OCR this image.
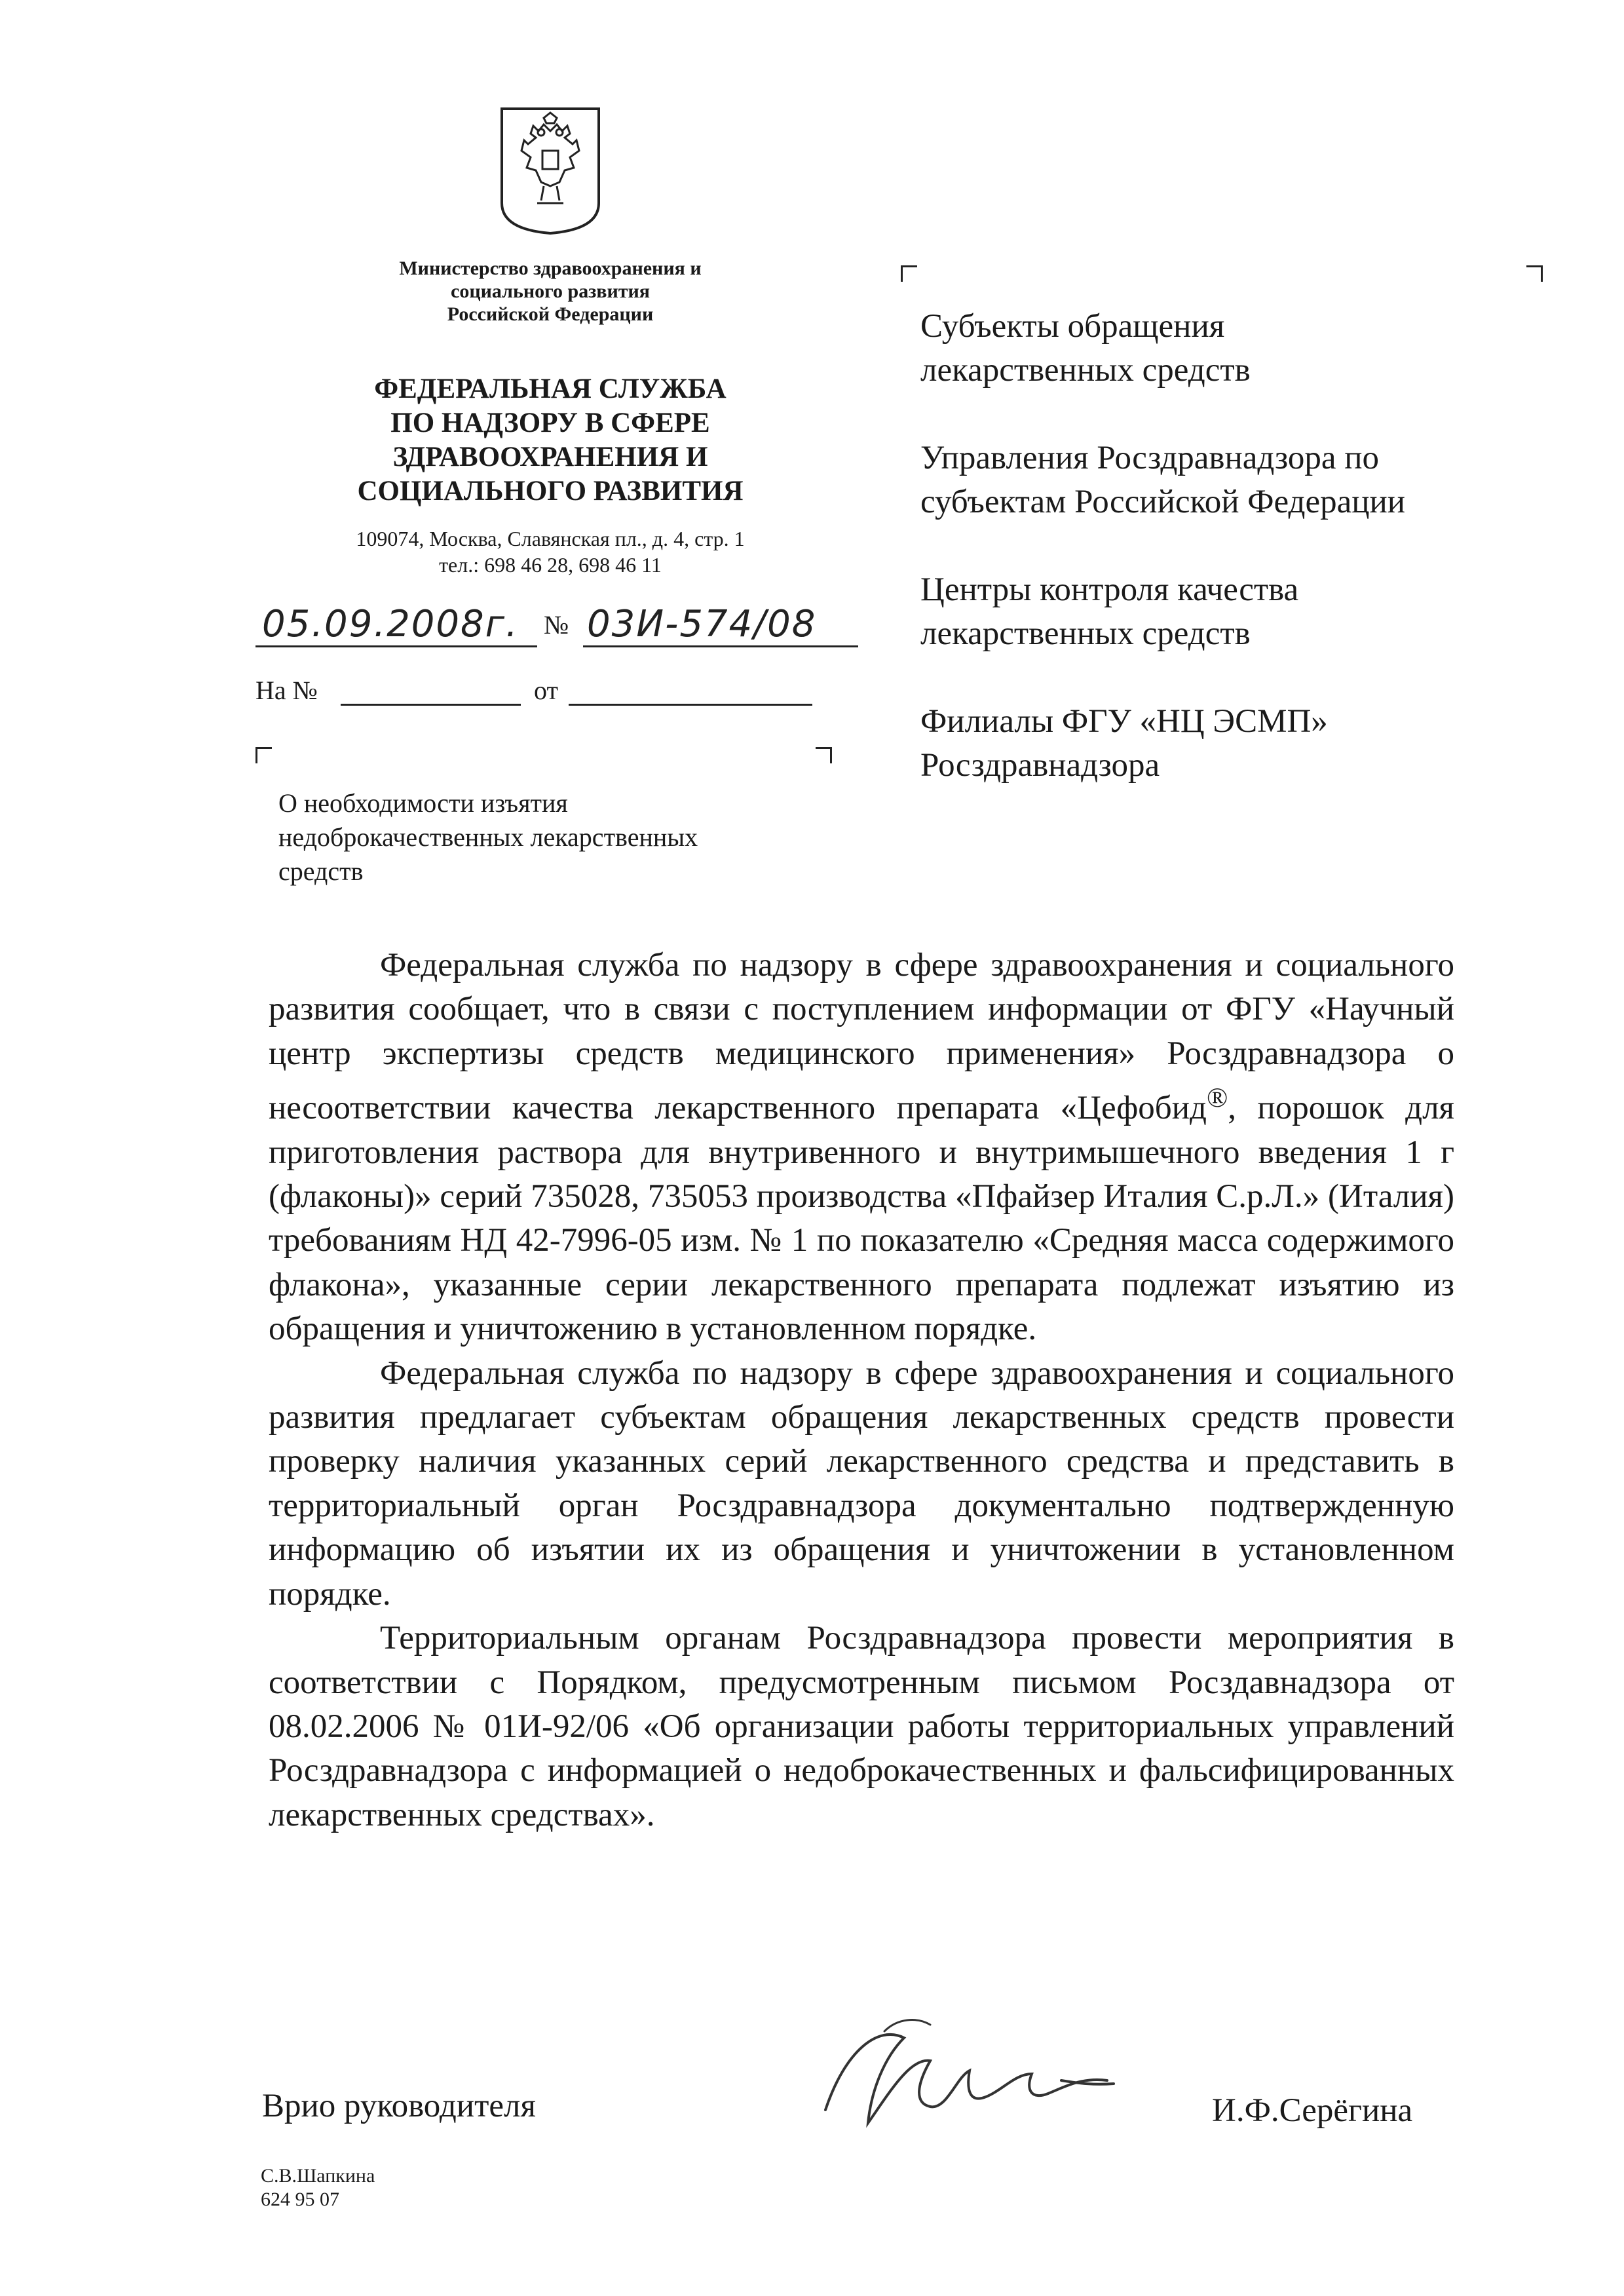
Министерство здравоохранения и
социального развития
Российской Федерации
ФЕДЕРАЛЬНАЯ СЛУЖБА
ПО НАДЗОРУ В СФЕРЕ
ЗДРАВООХРАНЕНИЯ И
СОЦИАЛЬНОГО РАЗВИТИЯ
109074, Москва, Славянская пл., д. 4, стр. 1
тел.: 698 46 28, 698 46 11
05.09.2008г. № 03И-574/08
На №	от
О необходимости изъятия
недоброкачественных лекарственных
средств
Субъекты обращения
лекарственных средств
Управления Росздравнадзора по
субъектам Российской Федерации
Центры контроля качества
лекарственных средств
Филиалы ФГУ «НЦ ЭСМП»
Росздравнадзора

Федеральная служба по надзору в сфере здравоохранения и социального развития сообщает, что в связи с поступлением информации от ФГУ «Научный центр экспертизы средств медицинского применения» Росздравнадзора о несоответствии качества лекарственного препарата «Цефобид®, порошок для приготовления раствора для внутривенного и внутримышечного введения 1 г (флаконы)» серий 735028, 735053 производства «Пфайзер Италия С.р.Л.» (Италия) требованиям НД 42-7996-05 изм. № 1 по показателю «Средняя масса содержимого флакона», указанные серии лекарственного препарата подлежат изъятию из обращения и уничтожению в установленном порядке.

Федеральная служба по надзору в сфере здравоохранения и социального развития предлагает субъектам обращения лекарственных средств провести проверку наличия указанных серий лекарственного средства и представить в территориальный орган Росздравнадзора документально подтвержденную информацию об изъятии их из обращения и уничтожении в установленном порядке.

Территориальным органам Росздравнадзора провести мероприятия в соответствии с Порядком, предусмотренным письмом Росздавнадзора от 08.02.2006 № 01И-92/06 «Об организации работы территориальных управлений Росздравнадзора с информацией о недоброкачественных и фальсифицированных лекарственных средствах».

Врио руководителя	И.Ф.Серёгина
С.В.Шапкина
624 95 07
